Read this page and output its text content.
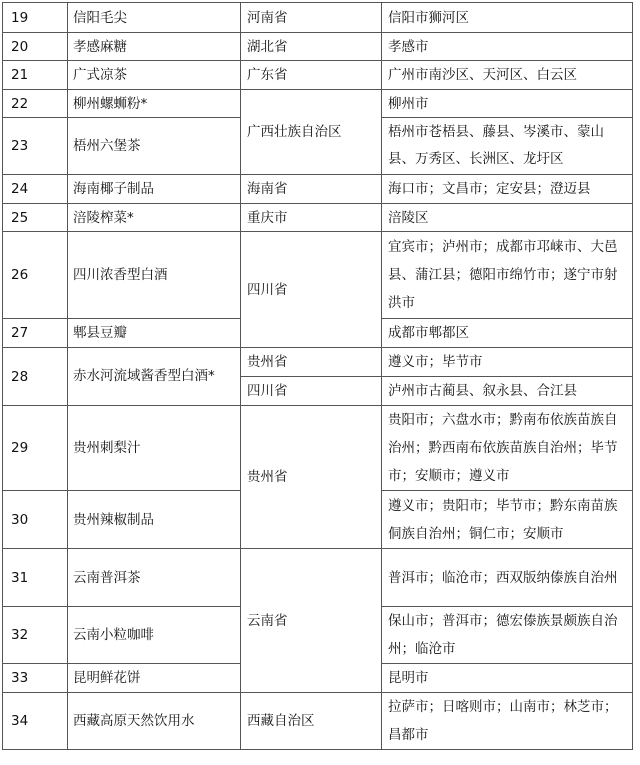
19	信阳毛尖	河南省	信阳市狮河区
20	孝感麻糖	湖北省	孝感市
21	广式凉茶	广东省	广州市南沙区、天河区、白云区
22	柳州螺蛳粉*	广西壮族自治区	柳州市
23	梧州六堡茶		梧州市苍梧县、藤县、岑溪市、蒙山县、万秀区、长洲区、龙圩区
24	海南椰子制品	海南省	海口市；文昌市；定安县；澄迈县
25	涪陵榨菜*	重庆市	涪陵区
26	四川浓香型白酒	四川省	宜宾市；泸州市；成都市邛崃市、大邑县、蒲江县；德阳市绵竹市；遂宁市射洪市
27	郫县豆瓣		成都市郫都区
28	赤水河流域酱香型白酒*	贵州省	遵义市；毕节市
		四川省	泸州市古蔺县、叙永县、合江县
29	贵州刺梨汁	贵州省	贵阳市；六盘水市；黔南布依族苗族自治州；黔西南布依族苗族自治州；毕节市；安顺市；遵义市
30	贵州辣椒制品		遵义市；贵阳市；毕节市；黔东南苗族侗族自治州；铜仁市；安顺市
31	云南普洱茶	云南省	普洱市；临沧市；西双版纳傣族自治州
32	云南小粒咖啡		保山市；普洱市；德宏傣族景颇族自治州；临沧市
33	昆明鲜花饼		昆明市
34	西藏高原天然饮用水	西藏自治区	拉萨市；日喀则市；山南市；林芝市；昌都市
